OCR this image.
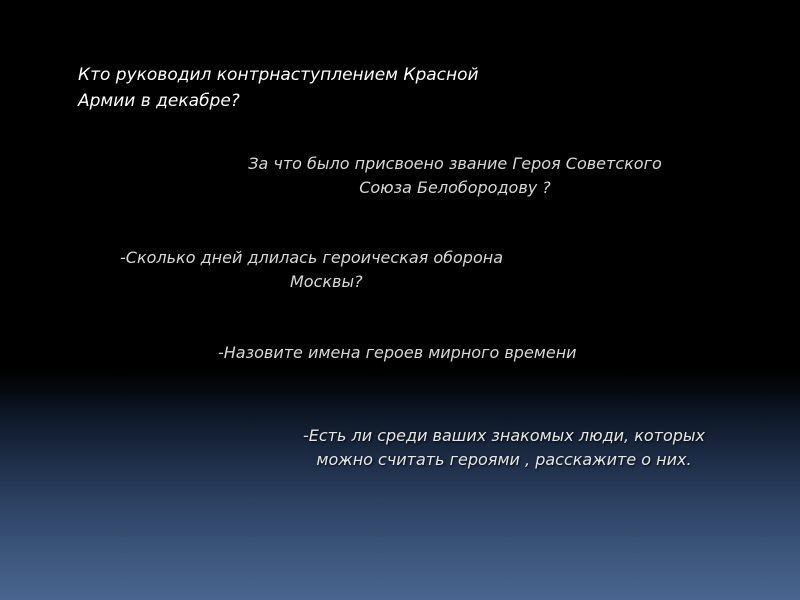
Кто руководил контрнаступлением Красной
Армии в декабре?

За что было присвоено звание Героя Советского
Союза Белобородову ?

-Сколько дней длилась героическая оборона
Москвы?

-Назовите имена героев мирного времени

-Есть ли среди ваших знакомых люди, которых
можно считать героями , расскажите о них.
